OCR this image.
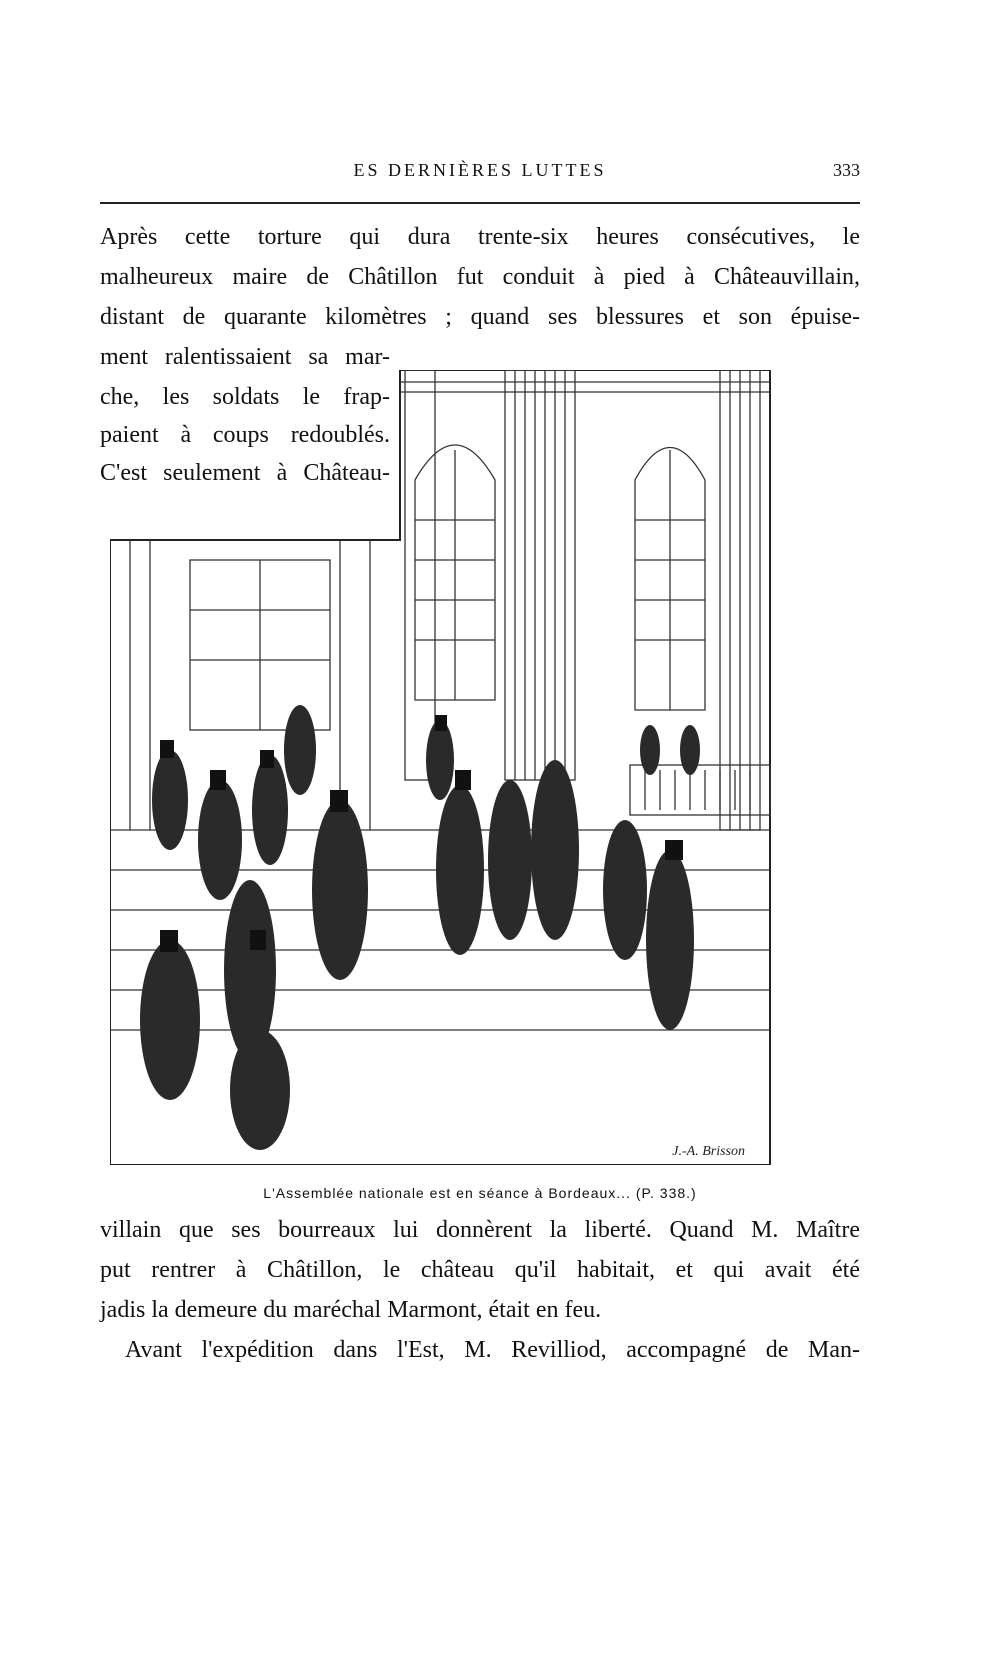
ES DERNIÈRES LUTTES	333
Après cette torture qui dura trente-six heures consécutives, le
malheureux maire de Châtillon fut conduit à pied à Châteauvillain,
distant de quarante kilomètres ; quand ses blessures et son épuise-
ment ralentissaient sa mar-
che, les soldats le frap-
paient à coups redoublés.
C'est seulement à Château-
J.-A. Brisson
L'Assemblée nationale est en séance à Bordeaux... (P. 338.)
villain que ses bourreaux lui donnèrent la liberté. Quand M. Maître
put rentrer à Châtillon, le château qu'il habitait, et qui avait été
jadis la demeure du maréchal Marmont, était en feu.
Avant l'expédition dans l'Est, M. Revilliod, accompagné de Man-
